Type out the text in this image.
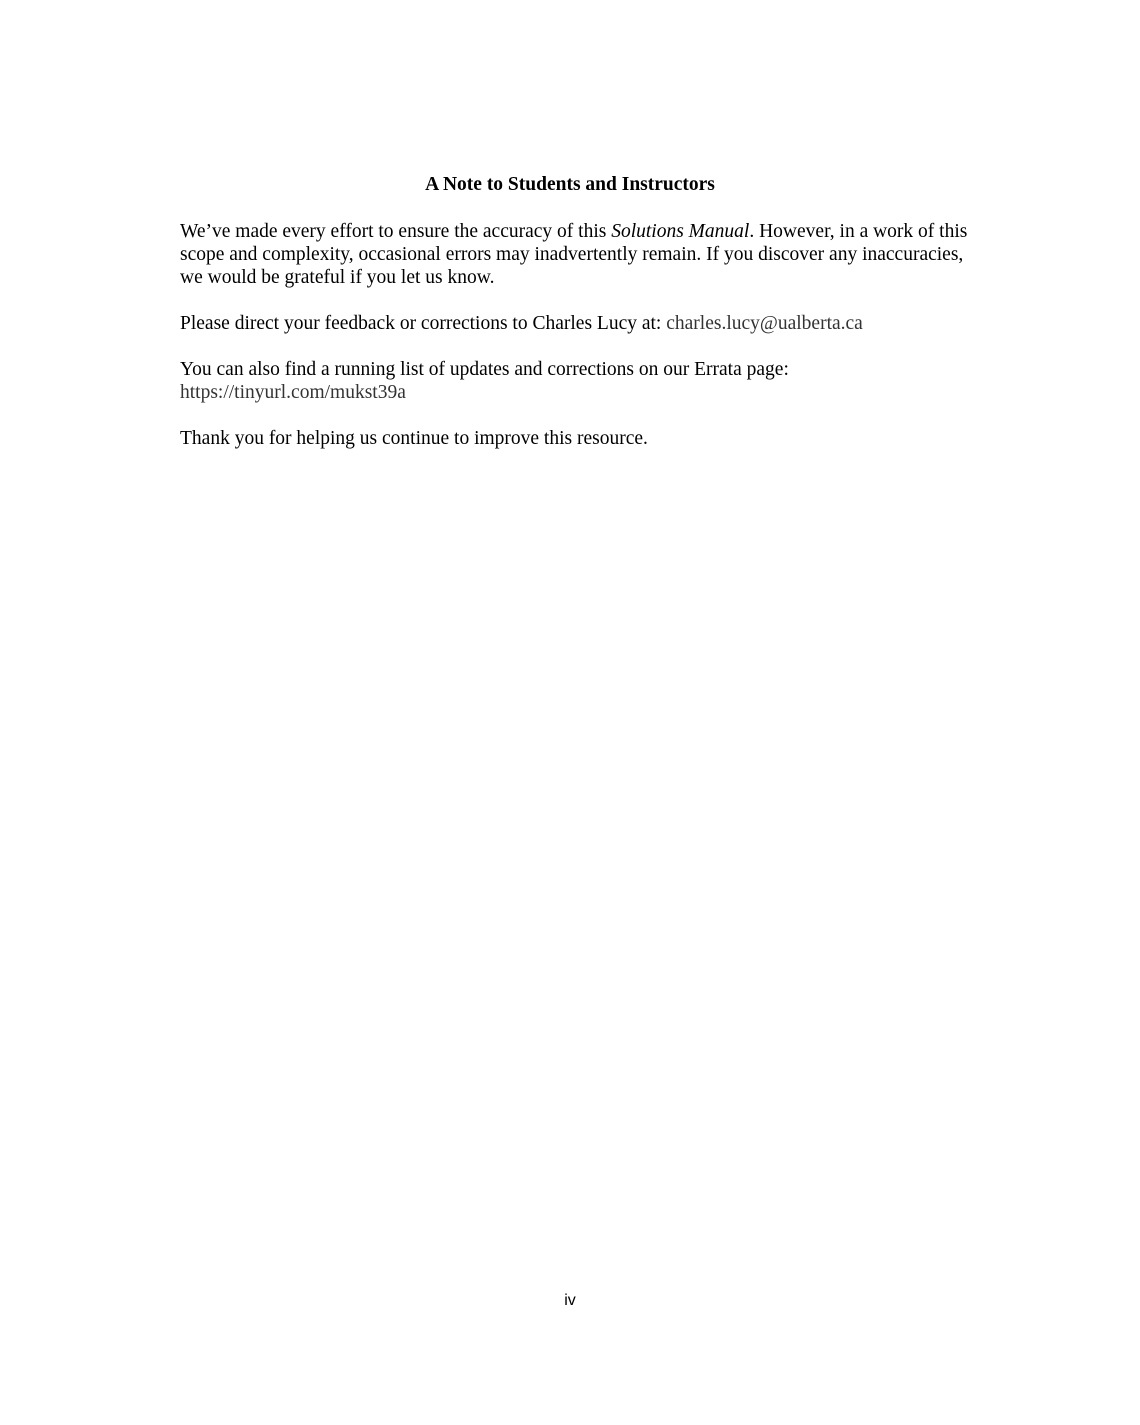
A Note to Students and Instructors

We’ve made every effort to ensure the accuracy of this Solutions Manual. However, in a work of this scope and complexity, occasional errors may inadvertently remain. If you discover any inaccuracies, we would be grateful if you let us know.

Please direct your feedback or corrections to Charles Lucy at: charles.lucy@ualberta.ca

You can also find a running list of updates and corrections on our Errata page:
https://tinyurl.com/mukst39a

Thank you for helping us continue to improve this resource.

iv
